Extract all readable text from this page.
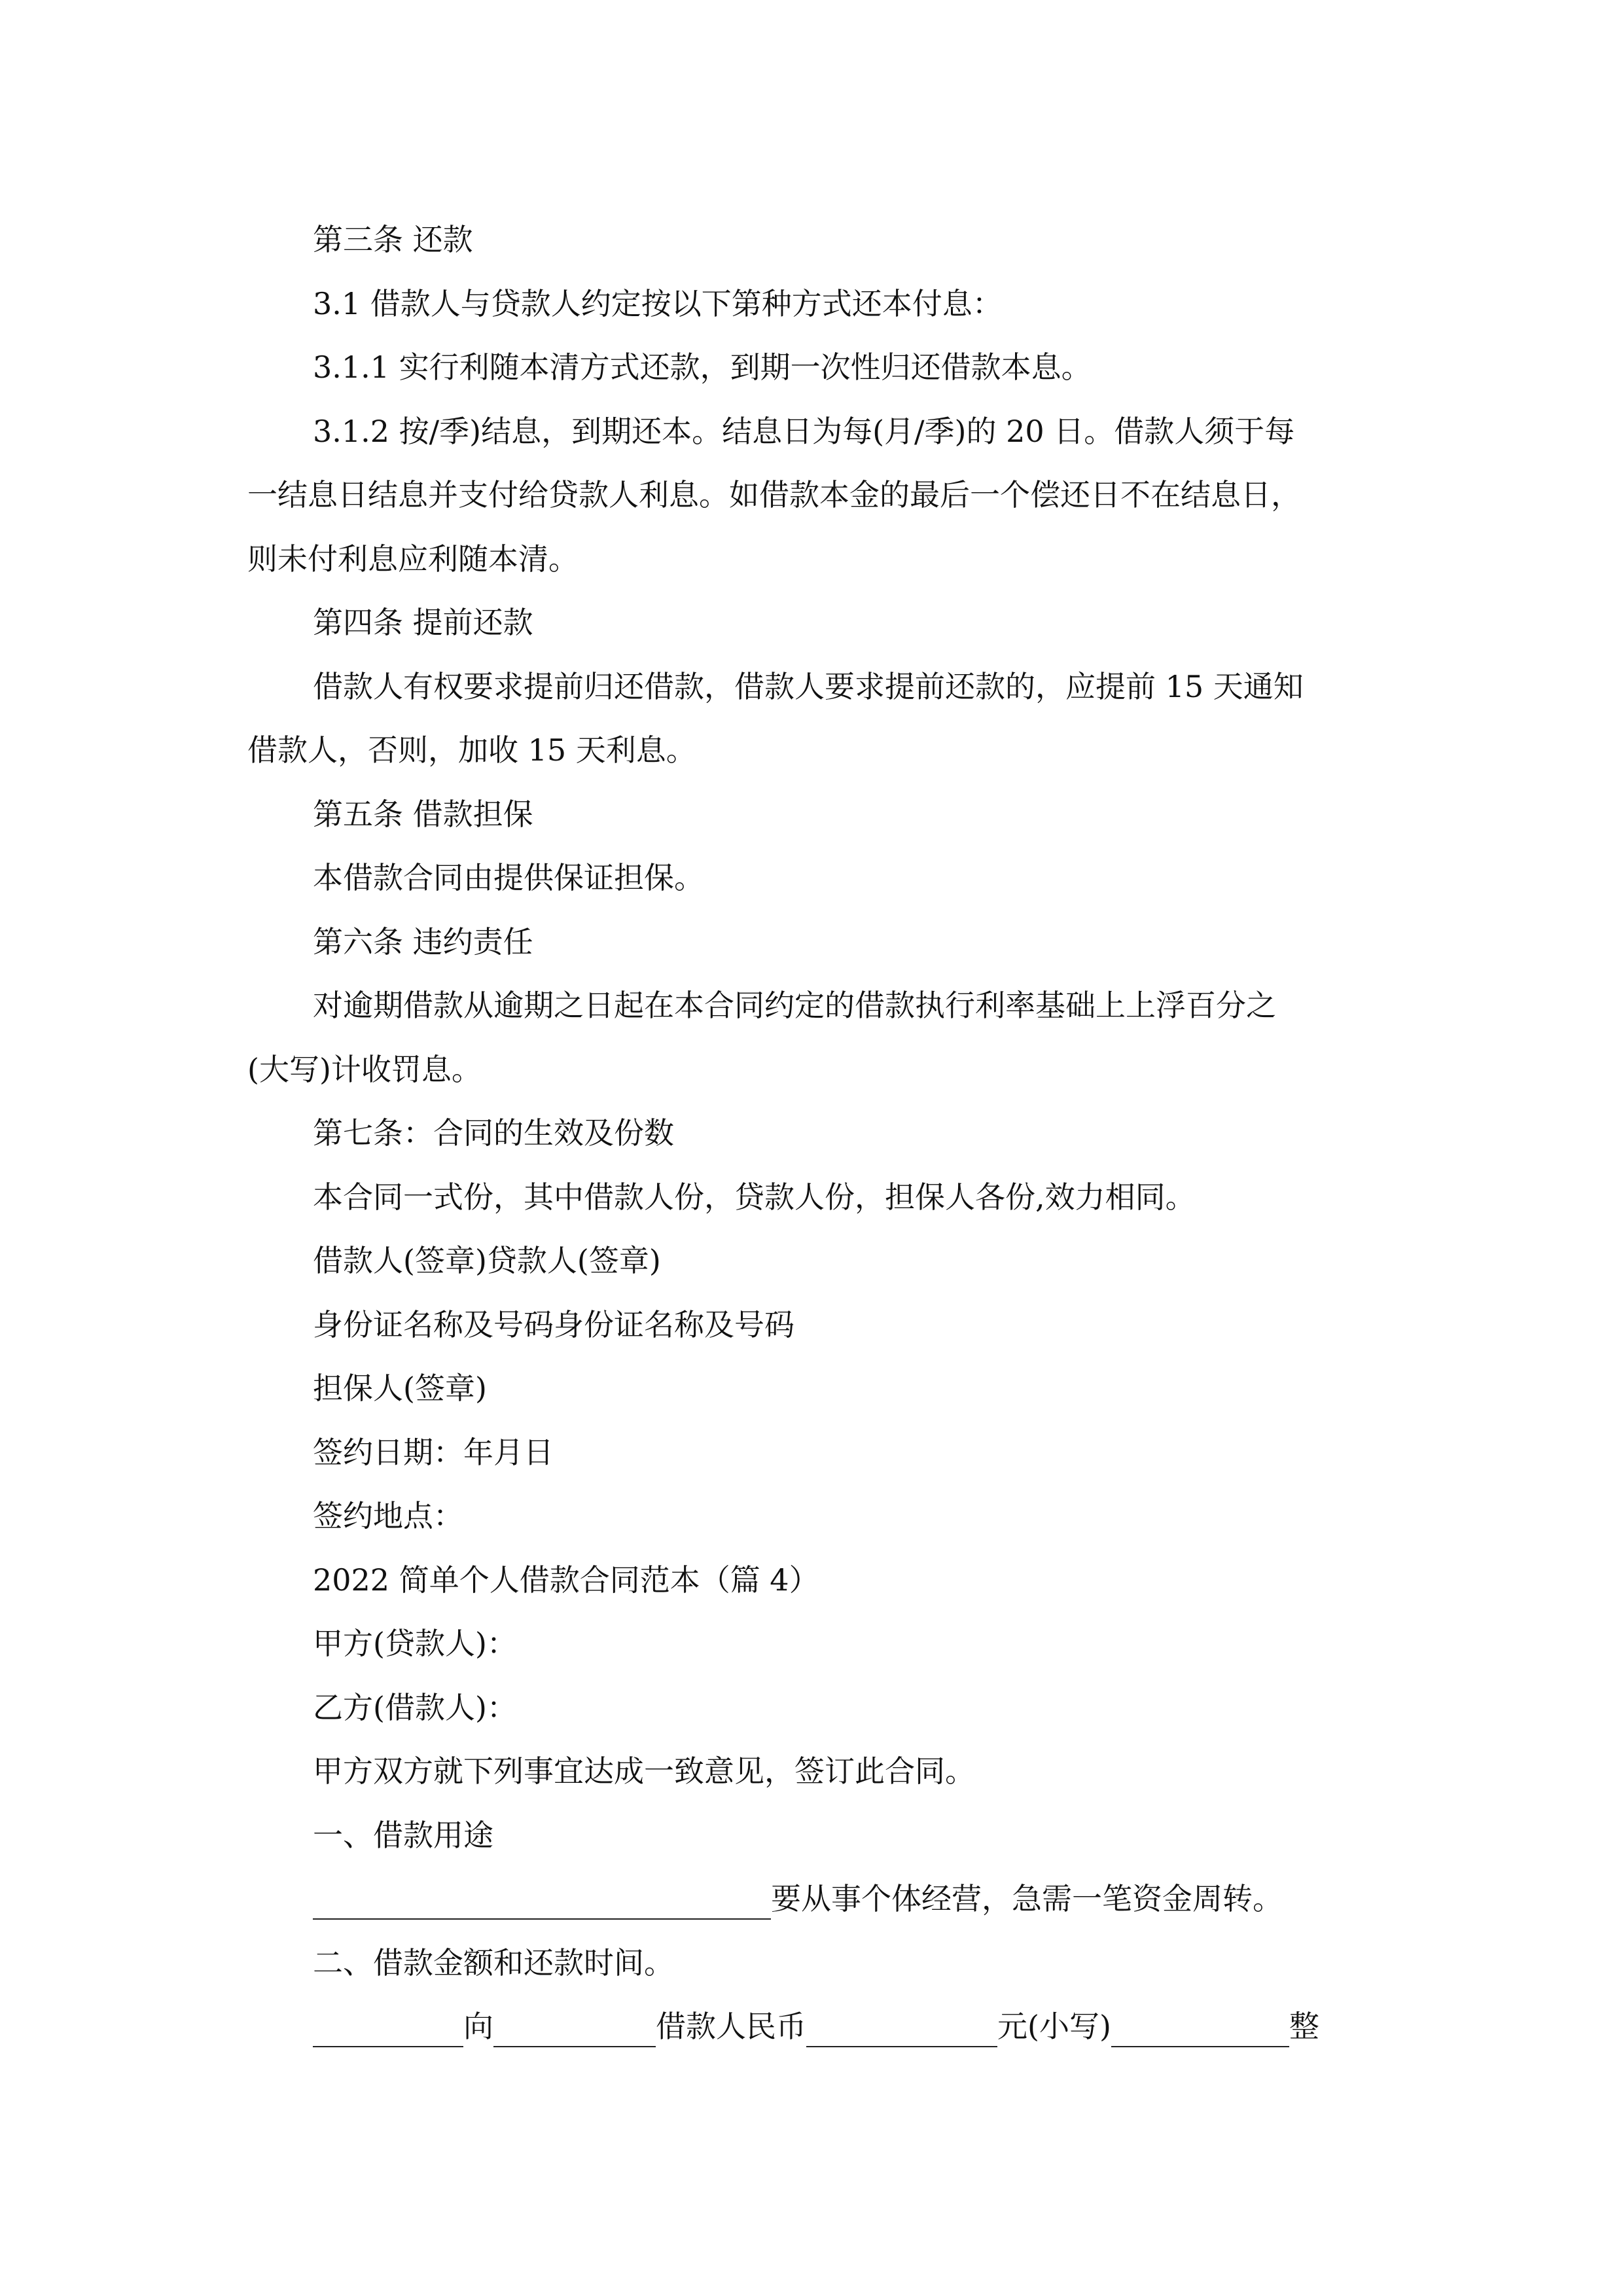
第三条 还款
3.1 借款人与贷款人约定按以下第种方式还本付息：
3.1.1 实行利随本清方式还款，到期一次性归还借款本息。
3.1.2 按/季)结息，到期还本。结息日为每(月/季)的 20 日。借款人须于每
一结息日结息并支付给贷款人利息。如借款本金的最后一个偿还日不在结息日，
则未付利息应利随本清。
第四条 提前还款
借款人有权要求提前归还借款，借款人要求提前还款的，应提前 15 天通知
借款人，否则，加收 15 天利息。
第五条 借款担保
本借款合同由提供保证担保。
第六条 违约责任
对逾期借款从逾期之日起在本合同约定的借款执行利率基础上上浮百分之
(大写)计收罚息。
第七条：合同的生效及份数
本合同一式份，其中借款人份，贷款人份，担保人各份,效力相同。
借款人(签章)贷款人(签章)
身份证名称及号码身份证名称及号码
担保人(签章)
签约日期：年月日
签约地点：
2022 简单个人借款合同范本（篇 4）
甲方(贷款人)：
乙方(借款人)：
甲方双方就下列事宜达成一致意见，签订此合同。
一、借款用途
要从事个体经营，急需一笔资金周转。
二、借款金额和还款时间。
向	借款人民币	元(小写)	整
